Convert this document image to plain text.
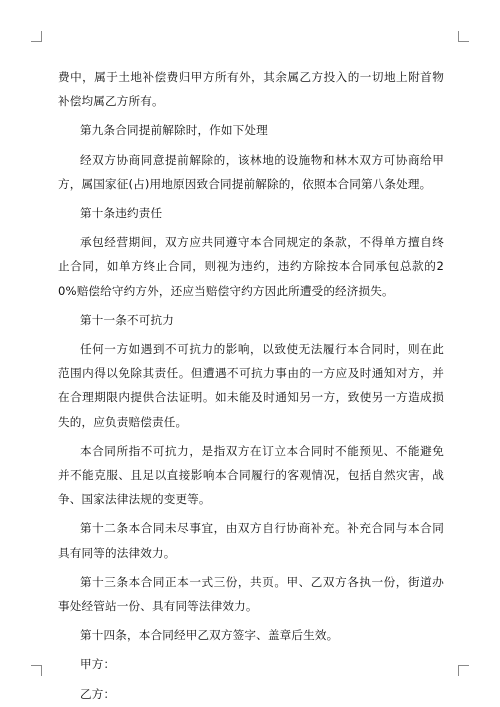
费中，属于土地补偿费归甲方所有外，其余属乙方投入的一切地上附首物补偿均属乙方所有。

第九条合同提前解除时，作如下处理

经双方协商同意提前解除的，该林地的设施物和林木双方可协商给甲方，属国家征(占)用地原因致合同提前解除的，依照本合同第八条处理。

第十条违约责任

承包经营期间，双方应共同遵守本合同规定的条款，不得单方擅自终止合同，如单方终止合同，则视为违约，违约方除按本合同承包总款的20%赔偿给守约方外，还应当赔偿守约方因此所遭受的经济损失。

第十一条不可抗力

任何一方如遇到不可抗力的影响，以致使无法履行本合同时，则在此范围内得以免除其责任。但遭遇不可抗力事由的一方应及时通知对方，并在合理期限内提供合法证明。如未能及时通知另一方，致使另一方造成损失的，应负责赔偿责任。

本合同所指不可抗力，是指双方在订立本合同时不能预见、不能避免并不能克服、且足以直接影响本合同履行的客观情况，包括自然灾害，战争、国家法律法规的变更等。

第十二条本合同未尽事宜，由双方自行协商补充。补充合同与本合同具有同等的法律效力。

第十三条本合同正本一式三份，共页。甲、乙双方各执一份，街道办事处经管站一份、具有同等法律效力。

第十四条，本合同经甲乙双方签字、盖章后生效。

甲方：

乙方：
